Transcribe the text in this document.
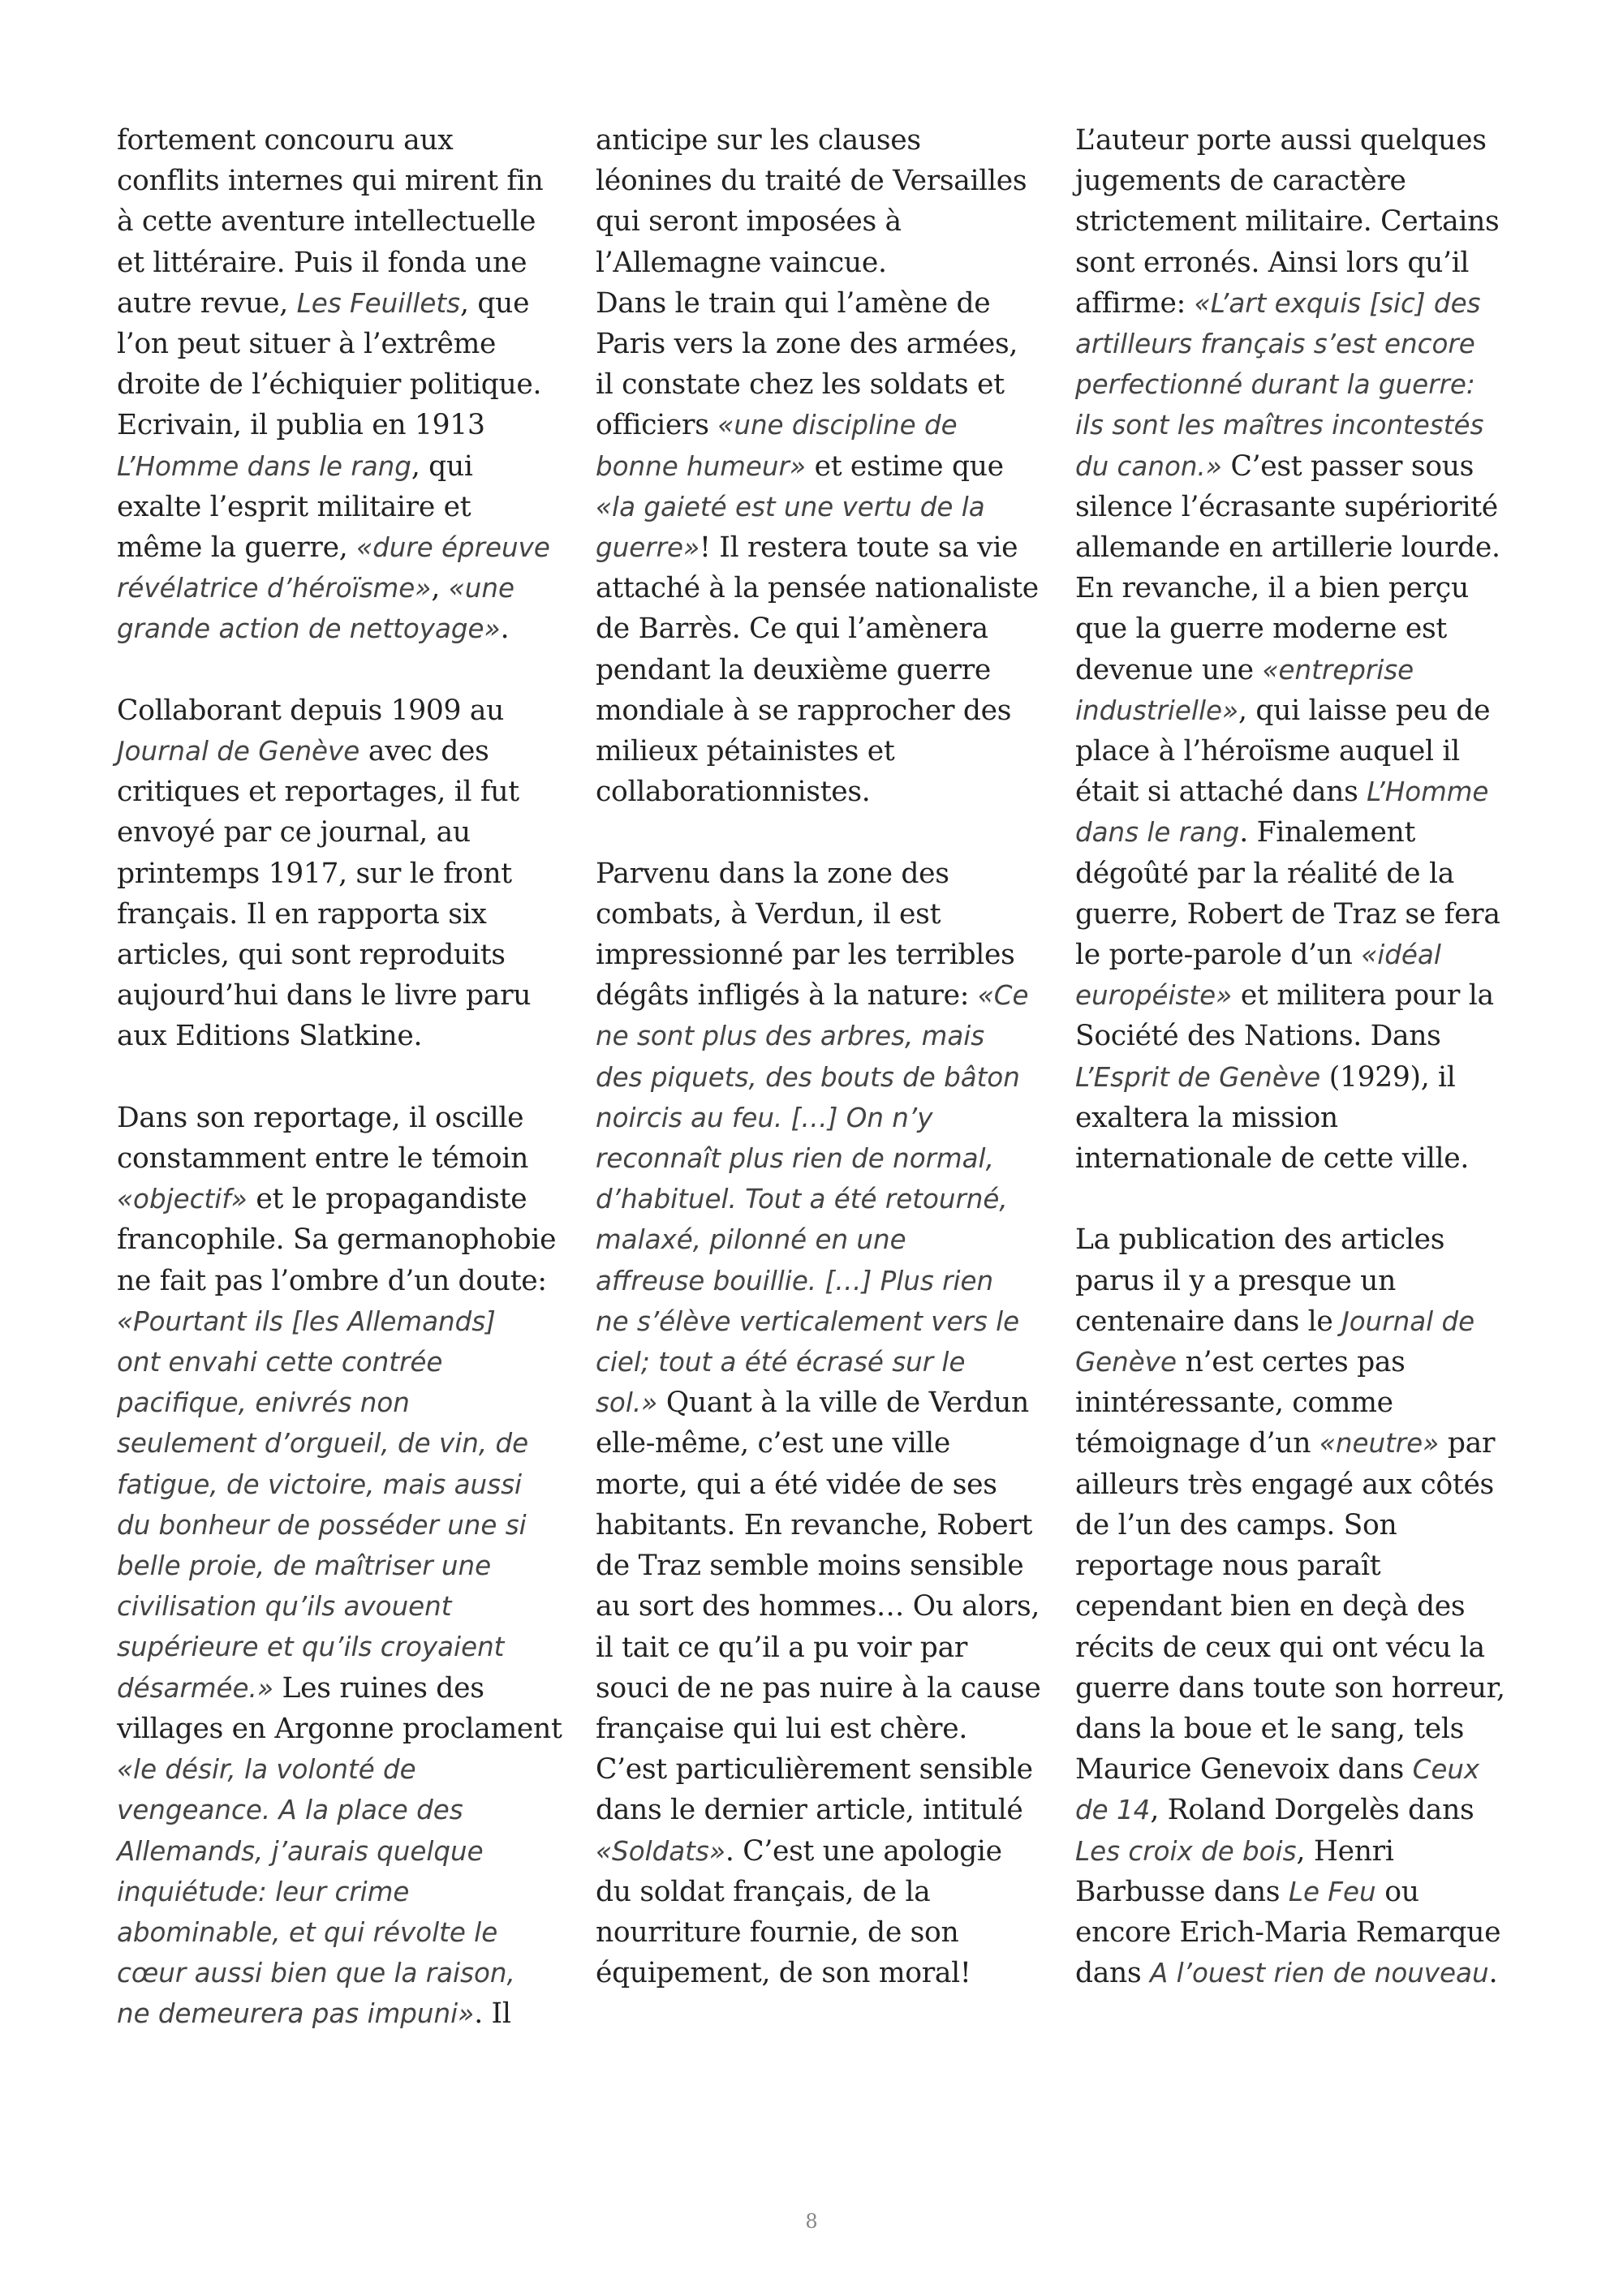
fortement concouru aux
conflits internes qui mirent fin
à cette aventure intellectuelle
et littéraire. Puis il fonda une
autre revue, Les Feuillets, que
l’on peut situer à l’extrême
droite de l’échiquier politique.
Ecrivain, il publia en 1913
L’Homme dans le rang, qui
exalte l’esprit militaire et
même la guerre, «dure épreuve
révélatrice d’héroïsme», «une
grande action de nettoyage».
Collaborant depuis 1909 au
Journal de Genève avec des
critiques et reportages, il fut
envoyé par ce journal, au
printemps 1917, sur le front
français. Il en rapporta six
articles, qui sont reproduits
aujourd’hui dans le livre paru
aux Editions Slatkine.
Dans son reportage, il oscille
constamment entre le témoin
«objectif» et le propagandiste
francophile. Sa germanophobie
ne fait pas l’ombre d’un doute:
«Pourtant ils [les Allemands]
ont envahi cette contrée
pacifique, enivrés non
seulement d’orgueil, de vin, de
fatigue, de victoire, mais aussi
du bonheur de posséder une si
belle proie, de maîtriser une
civilisation qu’ils avouent
supérieure et qu’ils croyaient
désarmée.» Les ruines des
villages en Argonne proclament
«le désir, la volonté de
vengeance. A la place des
Allemands, j’aurais quelque
inquiétude: leur crime
abominable, et qui révolte le
cœur aussi bien que la raison,
ne demeurera pas impuni». Il
anticipe sur les clauses
léonines du traité de Versailles
qui seront imposées à
l’Allemagne vaincue.
Dans le train qui l’amène de
Paris vers la zone des armées,
il constate chez les soldats et
officiers «une discipline de
bonne humeur» et estime que
«la gaieté est une vertu de la
guerre»! Il restera toute sa vie
attaché à la pensée nationaliste
de Barrès. Ce qui l’amènera
pendant la deuxième guerre
mondiale à se rapprocher des
milieux pétainistes et
collaborationnistes.
Parvenu dans la zone des
combats, à Verdun, il est
impressionné par les terribles
dégâts infligés à la nature: «Ce
ne sont plus des arbres, mais
des piquets, des bouts de bâton
noircis au feu. […] On n’y
reconnaît plus rien de normal,
d’habituel. Tout a été retourné,
malaxé, pilonné en une
affreuse bouillie. […] Plus rien
ne s’élève verticalement vers le
ciel; tout a été écrasé sur le
sol.» Quant à la ville de Verdun
elle-même, c’est une ville
morte, qui a été vidée de ses
habitants. En revanche, Robert
de Traz semble moins sensible
au sort des hommes… Ou alors,
il tait ce qu’il a pu voir par
souci de ne pas nuire à la cause
française qui lui est chère.
C’est particulièrement sensible
dans le dernier article, intitulé
«Soldats». C’est une apologie
du soldat français, de la
nourriture fournie, de son
équipement, de son moral!
L’auteur porte aussi quelques
jugements de caractère
strictement militaire. Certains
sont erronés. Ainsi lors qu’il
affirme: «L’art exquis [sic] des
artilleurs français s’est encore
perfectionné durant la guerre:
ils sont les maîtres incontestés
du canon.» C’est passer sous
silence l’écrasante supériorité
allemande en artillerie lourde.
En revanche, il a bien perçu
que la guerre moderne est
devenue une «entreprise
industrielle», qui laisse peu de
place à l’héroïsme auquel il
était si attaché dans L’Homme
dans le rang. Finalement
dégoûté par la réalité de la
guerre, Robert de Traz se fera
le porte-parole d’un «idéal
européiste» et militera pour la
Société des Nations. Dans
L’Esprit de Genève (1929), il
exaltera la mission
internationale de cette ville.
La publication des articles
parus il y a presque un
centenaire dans le Journal de
Genève n’est certes pas
inintéressante, comme
témoignage d’un «neutre» par
ailleurs très engagé aux côtés
de l’un des camps. Son
reportage nous paraît
cependant bien en deçà des
récits de ceux qui ont vécu la
guerre dans toute son horreur,
dans la boue et le sang, tels
Maurice Genevoix dans Ceux
de 14, Roland Dorgelès dans
Les croix de bois, Henri
Barbusse dans Le Feu ou
encore Erich-Maria Remarque
dans A l’ouest rien de nouveau.
8
